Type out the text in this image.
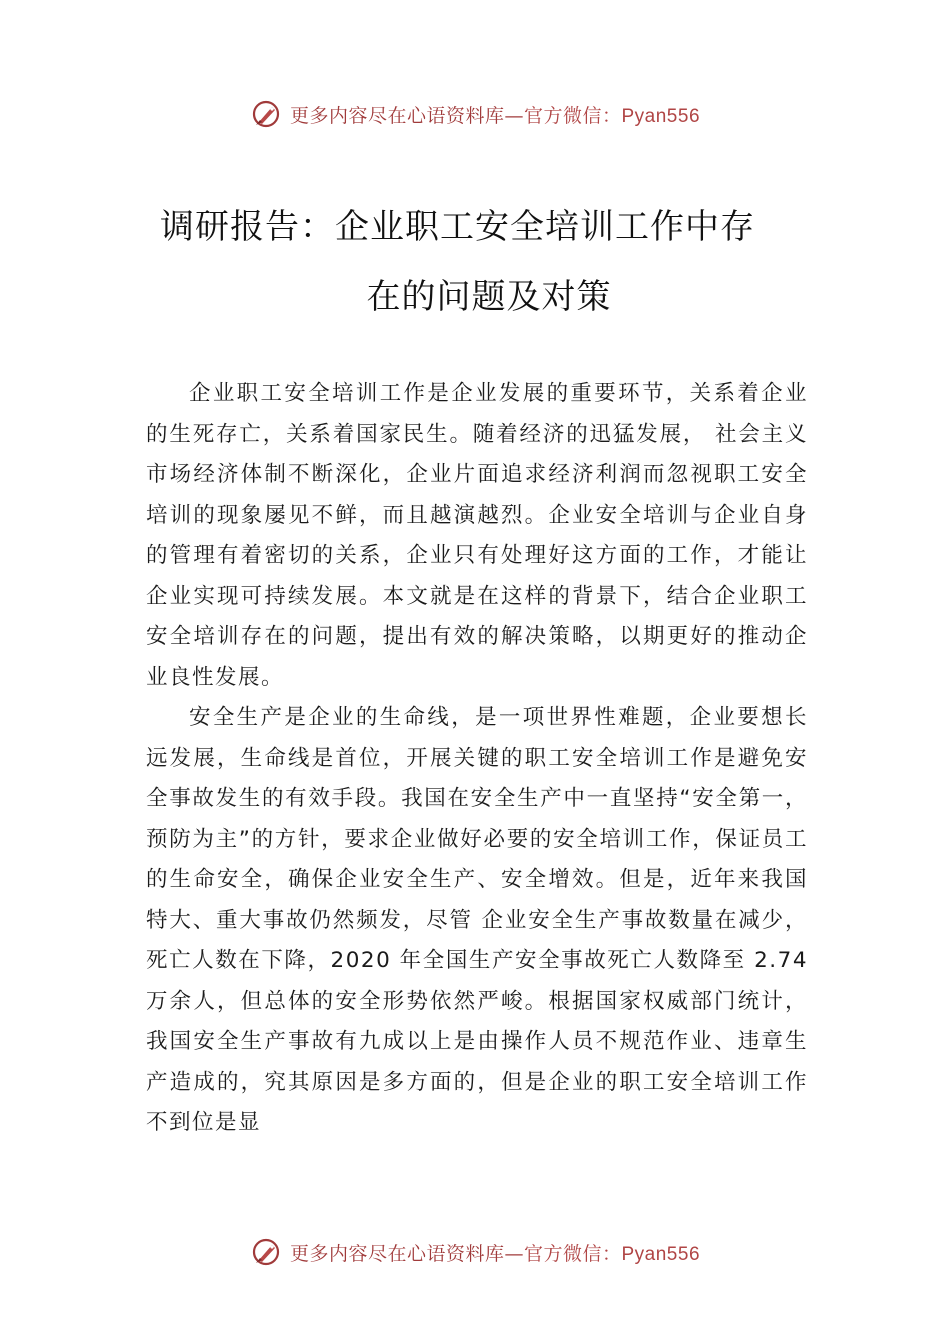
更多内容尽在心语资料库—官方微信：Pyan556
调研报告：企业职工安全培训工作中存
在的问题及对策

企业职工安全培训工作是企业发展的重要环节，关系着企业的生死存亡，关系着国家民生。随着经济的迅猛发展， 社会主义市场经济体制不断深化，企业片面追求经济利润而忽视职工安全培训的现象屡见不鲜，而且越演越烈。企业安全培训与企业自身的管理有着密切的关系，企业只有处理好这方面的工作，才能让企业实现可持续发展。本文就是在这样的背景下，结合企业职工安全培训存在的问题，提出有效的解决策略，以期更好的推动企业良性发展。

安全生产是企业的生命线，是一项世界性难题，企业要想长远发展，生命线是首位，开展关键的职工安全培训工作是避免安全事故发生的有效手段。我国在安全生产中一直坚持“安全第一，预防为主”的方针，要求企业做好必要的安全培训工作，保证员工的生命安全，确保企业安全生产、安全增效。但是，近年来我国特大、重大事故仍然频发，尽管 企业安全生产事故数量在减少，死亡人数在下降，2020 年全国生产安全事故死亡人数降至 2.74 万余人，但总体的安全形势依然严峻。根据国家权威部门统计，我国安全生产事故有九成以上是由操作人员不规范作业、违章生产造成的，究其原因是多方面的，但是企业的职工安全培训工作不到位是显

更多内容尽在心语资料库—官方微信：Pyan556
